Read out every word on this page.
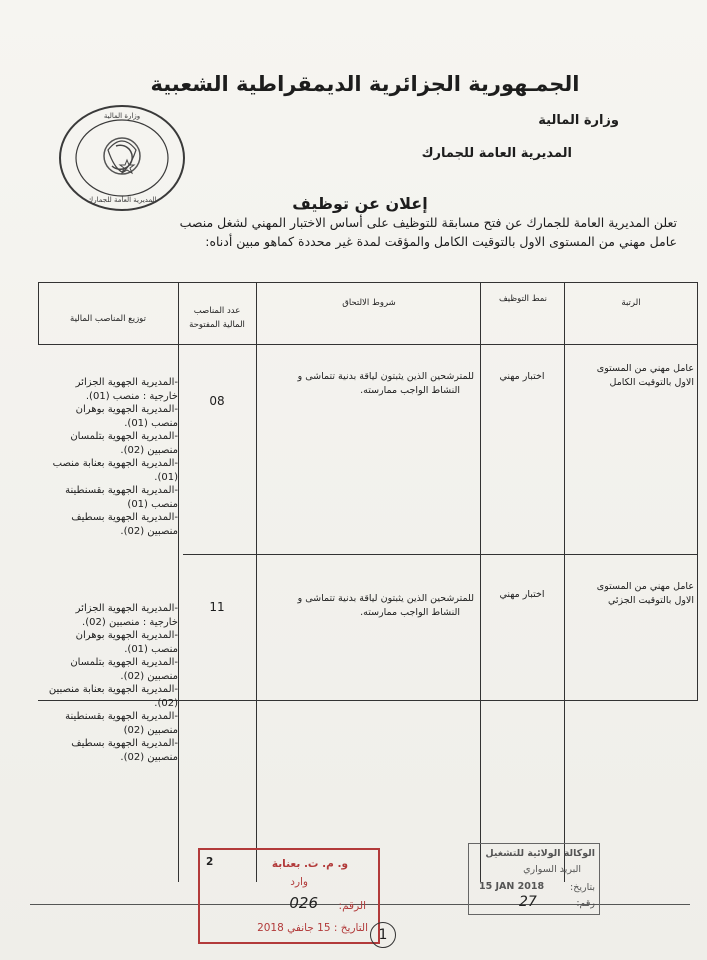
المديرية العامة للجمارك
وزارة المالية
الجمـهورية الجزائرية الديمقراطية الشعبية
وزارة المالية
المديرية العامة للجمارك
إعلان عن توظيف
تعلن المديرية العامة للجمارك عن فتح مسابقة للتوظيف على أساس الاختبار المهني لشغل منصب
عامل مهني من المستوى الاول بالتوقيت الكامل والمؤقت لمدة غير محددة كماهو مبين أدناه:
الرتبة
نمط التوظيف
شروط الالتحاق
عدد المناصب
المالية المفتوحة
توزيع المناصب المالية
عامل مهني من المستوى
الاول بالتوقيت الكامل
اختبار مهني
للمترشحين الذين يثبتون لياقة بدنية تتماشى و
النشاط الواجب ممارسته.
08
-المديرية الجهوية الجزائر
خارجية : منصب (01).
-المديرية الجهوية بوهران
منصب (01).
-المديرية الجهوية بتلمسان
منصبين (02).
-المديرية الجهوية بعنابة منصب
(01).
-المديرية الجهوية بقسنطينة
منصب (01)
-المديرية الجهوية بسطيف
منصبين (02).
عامل مهني من المستوى
الاول بالتوقيت الجزئي
اختبار مهني
للمترشحين الذين يثبتون لياقة بدنية تتماشى و
النشاط الواجب ممارسته.
11
-المديرية الجهوية الجزائر
خارجية : منصبين (02).
-المديرية الجهوية بوهران
منصب (01).
-المديرية الجهوية بتلمسان
منصبين (02).
-المديرية الجهوية بعنابة منصبين
(02).
-المديرية الجهوية بقسنطينة
منصبين (02)
-المديرية الجهوية بسطيف
منصبين (02).
و. م. ت. بعنابة
وارد
الرقم:
026
التاريخ : 15 جانفي 2018
2
الوكالة الولائية للتشغيل
البريد السواري
بتاريخ:
15 JAN 2018
رقم:
27
1
